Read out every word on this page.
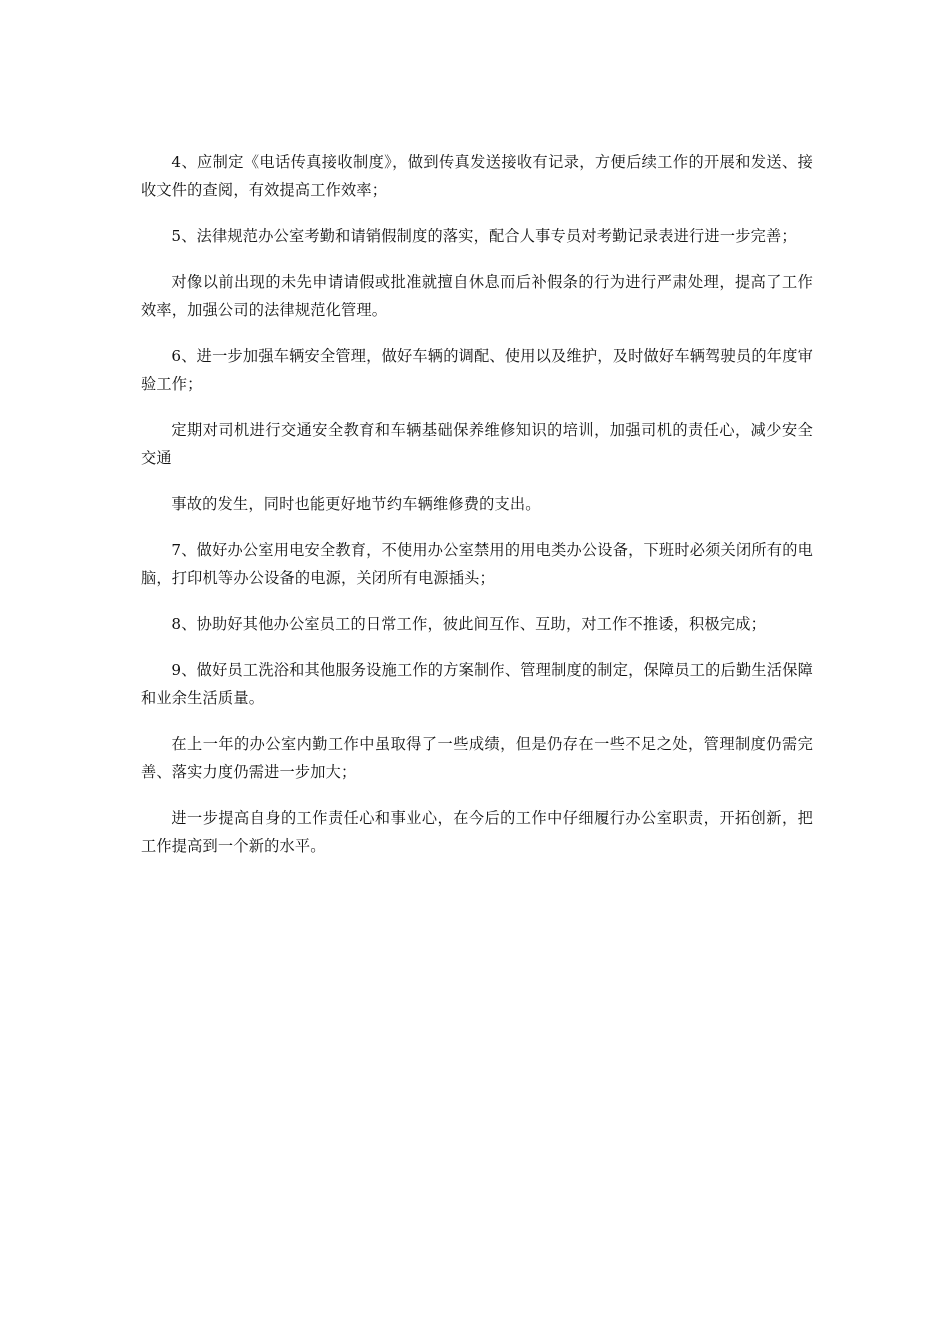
4、应制定《电话传真接收制度》，做到传真发送接收有记录，方便后续工作的开展和发送、接收文件的查阅，有效提高工作效率；

5、法律规范办公室考勤和请销假制度的落实，配合人事专员对考勤记录表进行进一步完善；

对像以前出现的未先申请请假或批准就擅自休息而后补假条的行为进行严肃处理，提高了工作效率，加强公司的法律规范化管理。

6、进一步加强车辆安全管理，做好车辆的调配、使用以及维护，及时做好车辆驾驶员的年度审验工作；

定期对司机进行交通安全教育和车辆基础保养维修知识的培训，加强司机的责任心，减少安全交通

事故的发生，同时也能更好地节约车辆维修费的支出。

7、做好办公室用电安全教育，不使用办公室禁用的用电类办公设备，下班时必须关闭所有的电脑，打印机等办公设备的电源，关闭所有电源插头；

8、协助好其他办公室员工的日常工作，彼此间互作、互助，对工作不推诿，积极完成；

9、做好员工洗浴和其他服务设施工作的方案制作、管理制度的制定，保障员工的后勤生活保障和业余生活质量。

在上一年的办公室内勤工作中虽取得了一些成绩，但是仍存在一些不足之处，管理制度仍需完善、落实力度仍需进一步加大；

进一步提高自身的工作责任心和事业心，在今后的工作中仔细履行办公室职责，开拓创新，把工作提高到一个新的水平。
